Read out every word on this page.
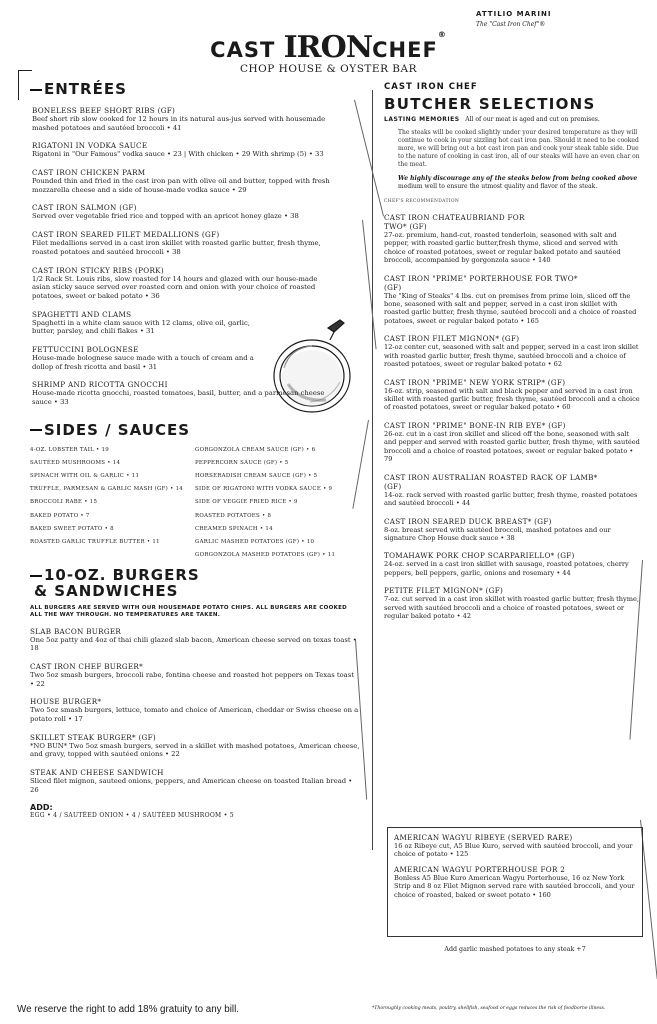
ATTILIO MARINI
The "Cast Iron Chef"®
CAST IRONCHEF®
CHOP HOUSE & OYSTER BAR
ENTRÉES
BONELESS BEEF SHORT RIBS (GF)
Beef short rib slow cooked for 12 hours in its natural aus-jus served with housemade mashed potatoes and sautéed broccoli • 41
RIGATONI IN VODKA SAUCE
Rigatoni in "Our Famous" vodka sauce • 23 | With chicken • 29 With shrimp (5) • 33
CAST IRON CHICKEN PARM
Pounded thin and fried in the cast iron pan with olive oil and butter, topped with fresh mozzarella cheese and a side of house-made vodka sauce • 29
CAST IRON SALMON (GF)
Served over vegetable fried rice and topped with an apricot honey glaze • 38
CAST IRON SEARED FILET MEDALLIONS (GF)
Filet medallions served in a cast iron skillet with roasted garlic butter, fresh thyme, roasted potatoes and sautéed broccoli • 38
CAST IRON STICKY RIBS (PORK)
1/2 Rack St. Louis ribs, slow roasted for 14 hours and glazed with our house-made asian sticky sauce served over roasted corn and onion with your choice of roasted potatoes, sweet or baked potato • 36
SPAGHETTI AND CLAMS
Spaghetti in a white clam sauce with 12 clams, olive oil, garlic, butter, parsley, and chili flakes • 31
FETTUCCINI BOLOGNESE
House-made bolognese sauce made with a touch of cream and a dollop of fresh ricotta and basil • 31
SHRIMP AND RICOTTA GNOCCHI
House-made ricotta gnocchi, roasted tomatoes, basil, butter, and a parmesan cheese sauce • 33
SIDES / SAUCES
4-OZ. LOBSTER TAIL • 19	GORGONZOLA CREAM SAUCE (GF) • 6
SAUTÉED MUSHROOMS • 14	PEPPERCORN SAUCE (GF) • 5
SPINACH WITH OIL & GARLIC • 11	HORSERADISH CREAM SAUCE (GF) • 5
TRUFFLE, PARMESAN & GARLIC MASH (GF) • 14	SIDE OF RIGATONI WITH VODKA SAUCE • 9
BROCCOLI RABE • 15	SIDE OF VEGGIE FRIED RICE • 9
BAKED POTATO • 7	ROASTED POTATOES • 8
BAKED SWEET POTATO • 8	CREAMED SPINACH • 14
ROASTED GARLIC TRUFFLE BUTTER • 11	GARLIC MASHED POTATOES (GF) • 10
GORGONZOLA MASHED POTATOES (GF) • 11
10-OZ. BURGERS
& SANDWICHES
ALL BURGERS ARE SERVED WITH OUR HOUSEMADE POTATO CHIPS. ALL BURGERS ARE COOKED ALL THE WAY THROUGH. NO TEMPERATURES ARE TAKEN.
SLAB BACON BURGER
One 5oz patty and 4oz of thai chili glazed slab bacon, American cheese served on texas toast • 18
CAST IRON CHEF BURGER*
Two 5oz smash burgers, broccoli rabe, fontina cheese and roasted hot peppers on Texas toast • 22
HOUSE BURGER*
Two 5oz smash burgers, lettuce, tomato and choice of American, cheddar or Swiss cheese on a potato roll • 17
SKILLET STEAK BURGER* (GF)
*NO BUN* Two 5oz smash burgers, served in a skillet with mashed potatoes, American cheese, and gravy, topped with sautéed onions • 22
STEAK AND CHEESE SANDWICH
Sliced filet mignon, sauteed onions, peppers, and American cheese on toasted Italian bread • 26
ADD:
EGG • 4 / SAUTÉED ONION • 4 / SAUTÉED MUSHROOM • 5
CAST IRON CHEF
BUTCHER SELECTIONS
LASTING MEMORIES All of our meat is aged and cut on premises.
The steaks will be cooked slightly under your desired temperature as they will continue to cook in your sizzling hot cast iron pan. Should it need to be cooked more, we will bring out a hot cast iron pan and cook your steak table side. Due to the nature of cooking in cast iron, all of our steaks will have an even char on the meat.
We highly discourage any of the steaks below from being cooked above medium well to ensure the utmost quality and flavor of the steak.
CHEF'S RECOMMENDATION
CAST IRON CHATEAUBRIAND FOR TWO* (GF)
27-oz. premium, hand-cut, roasted tenderloin, seasoned with salt and pepper, with roasted garlic butter,fresh thyme, sliced and served with choice of roasted potatoes, sweet or regular baked potato and sautéed broccoli, accompanied by gorgonzola sauce • 140
CAST IRON "PRIME" PORTERHOUSE FOR TWO* (GF)
The "King of Steaks" 4 lbs. cut on premises from prime loin, sliced off the bone, seasoned with salt and pepper, served in a cast iron skillet with roasted garlic butter, fresh thyme, sautéed broccoli and a choice of roasted potatoes, sweet or regular baked potato • 165
CAST IRON FILET MIGNON* (GF)
12-oz center cut, seasoned with salt and pepper, served in a cast iron skillet with roasted garlic butter, fresh thyme, sautéed broccoli and a choice of roasted potatoes, sweet or regular baked potato • 62
CAST IRON "PRIME" NEW YORK STRIP* (GF)
16-oz. strip, seasoned with salt and black pepper and served in a cast iron skillet with roasted garlic butter, fresh thyme, sautéed broccoli and a choice of roasted potatoes, sweet or regular baked potato • 60
CAST IRON "PRIME" BONE-IN RIB EYE* (GF)
26-oz. cut in a cast iron skillet and sliced off the bone, seasoned with salt and pepper and served with roasted garlic butter, fresh thyme, with sautéed broccoli and a choice of roasted potatoes, sweet or regular baked potato • 79
CAST IRON AUSTRALIAN ROASTED RACK OF LAMB* (GF)
14-oz. rack served with roasted garlic butter, fresh thyme, roasted potatoes and sautéed broccoli • 44
CAST IRON SEARED DUCK BREAST* (GF)
8-oz. breast served with sautéed broccoli, mashed potatoes and our signature Chop House duck sauce • 38
TOMAHAWK PORK CHOP SCARPARIELLO* (GF)
24-oz. served in a cast iron skillet with sausage, roasted potatoes, cherry peppers, bell peppers, garlic, onions and rosemary • 44
PETITE FILET MIGNON* (GF)
7-oz. cut served in a cast iron skillet with roasted garlic butter, fresh thyme, served with sautéed broccoli and a choice of roasted potatoes, sweet or regular baked potato • 42
AMERICAN WAGYU RIBEYE (SERVED RARE)
16 oz Ribeye cut, A5 Blue Kuro, served with sautéed broccoli, and your choice of potato • 125
AMERICAN WAGYU PORTERHOUSE FOR 2
Bonless A5 Blue Kuro American Wagyu Porterhouse, 16 oz New York Strip and 8 oz Filet Mignon served rare with sautéed broccoli, and your choice of roasted, baked or sweet potato • 160
Add garlic mashed potatoes to any steak +7
We reserve the right to add 18% gratuity to any bill.	*Thoroughly cooking meats, poultry, shellfish, seafood or eggs reduces the risk of foodborne illness.
